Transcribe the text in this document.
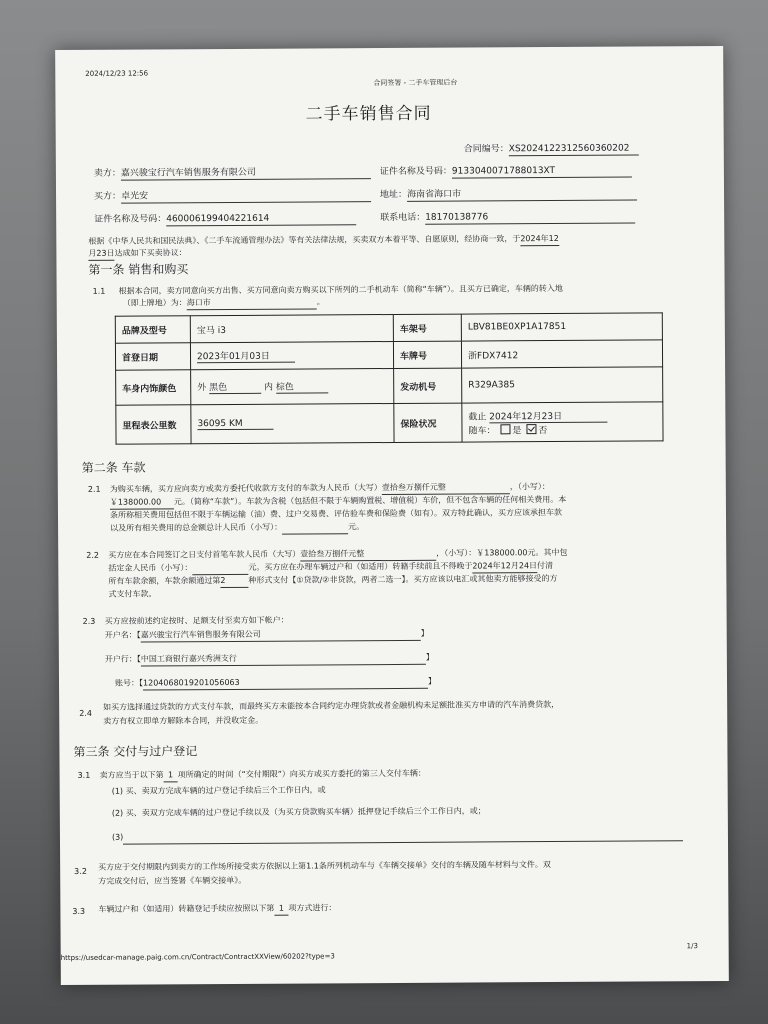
2024/12/23 12:56
合同签署 - 二手车管理后台
二手车销售合同
合同编号：XS2024122312560360202
卖方：嘉兴骏宝行汽车销售服务有限公司	证件名称及号码：9133040071788013XT
买方：卓光安	地址：海南省海口市
证件名称及号码：460006199404221614	联系电话：18170138776
根据《中华人民共和国民法典》、《二手车流通管理办法》等有关法律法规，买卖双方本着平等、自愿原则，经协商一致，于2024年12
月23日达成如下买卖协议：
第一条 销售和购买
1.1 根据本合同，卖方同意向买方出售、买方同意向卖方购买以下所列的二手机动车（简称“车辆”）。且买方已确定，车辆的转入地
（即上牌地）为：海口市	。
品牌及型号	宝马 i3	车架号	LBV81BE0XP1A17851
首登日期	2023年01月03日	车牌号	浙FDX7412
车身内饰颜色	外 黑色 内 棕色	发动机号	R329A385
里程表公里数	36095 KM	保险状况	截止 2024年12月23日
随车： 是 否
第二条 车款
2.1 为购买车辆，买方应向卖方或卖方委托代收款方支付的车款为人民币（大写）壹拾叁万捌仟元整	，（小写）：
￥138000.00 元。（简称“车款”）。车款为含税（包括但不限于车辆购置税、增值税）车价，但不包含车辆的任何相关费用。本
条所称相关费用包括但不限于车辆运输（油）费、过户交易费、评估验车费和保险费（如有）。双方特此确认，买方应该承担车款
以及所有相关费用的总金额总计人民币（小写）：	元。
2.2 买方应在本合同签订之日支付首笔车款人民币（大写）壹拾叁万捌仟元整	，（小写）：￥138000.00元。其中包
括定金人民币（小写）：	元。买方应在办理车辆过户和（如适用）转籍手续前且不得晚于2024年12月24日付清
所有车款余额，车款余额通过第2	种形式支付【①贷款/②非贷款，两者二选一】。买方应该以电汇或其他卖方能够接受的方
式支付车款。
2.3 买方应按前述约定按时、足额支付至卖方如下帐户：
开户名：【嘉兴骏宝行汽车销售服务有限公司	】
开户行：【中国工商银行嘉兴秀洲支行	】
账号：【1204068019201056063	】
2.4
如买方选择通过贷款的方式支付车款，而最终买方未能按本合同约定办理贷款或者金融机构未足额批准买方申请的汽车消费贷款，
卖方有权立即单方解除本合同，并没收定金。
第三条 交付与过户登记
3.1 卖方应当于以下第 1 项所确定的时间（“交付期限”）向买方或买方委托的第三人交付车辆：
(1) 买、卖双方完成车辆的过户登记手续后三个工作日内，或
(2) 买、卖双方完成车辆的过户登记手续以及（为买方贷款购买车辆）抵押登记手续后三个工作日内，或；
(3)
3.2 买方应于交付期限内到卖方的工作场所接受卖方依据以上第1.1条所列机动车与《车辆交接单》交付的车辆及随车材料与文件。双
方完成交付后，应当签署《车辆交接单》。
3.3 车辆过户和（如适用）转籍登记手续应按照以下第 1 项方式进行：
https://usedcar-manage.paig.com.cn/Contract/ContractXXView/60202?type=3
1/3
